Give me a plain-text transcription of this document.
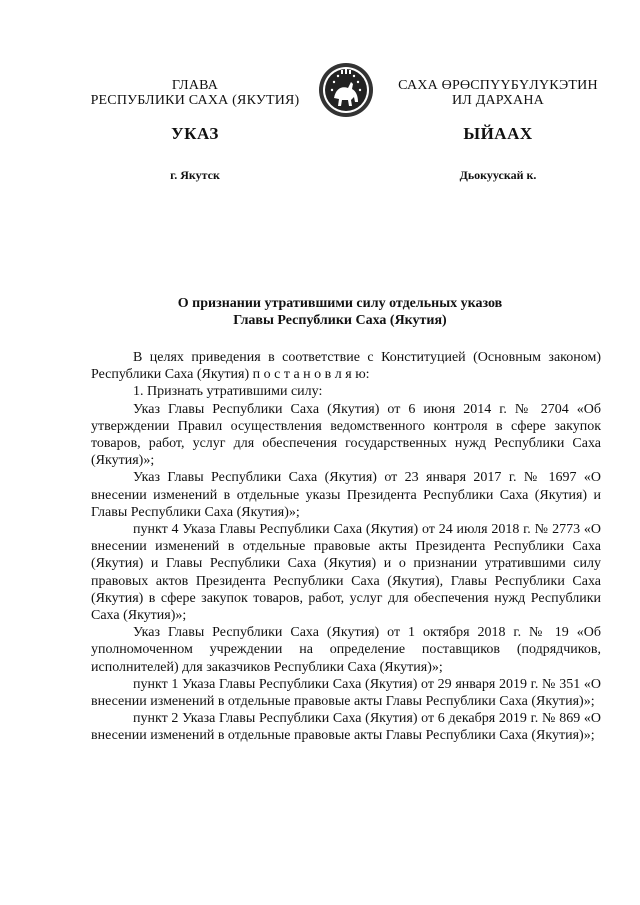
ГЛАВА
РЕСПУБЛИКИ САХА (ЯКУТИЯ)
САХА ӨРӨСПҮҮБҮЛҮКЭТИН
ИЛ ДАРХАНА
УКАЗ	ЫЙААХ
г. Якутск	Дьокуускай к.
О признании утратившими силу отдельных указов
Главы Республики Саха (Якутия)

В целях приведения в соответствие с Конституцией (Основным законом) Республики Саха (Якутия) п о с т а н о в л я ю:

1. Признать утратившими силу:

Указ Главы Республики Саха (Якутия) от 6 июня 2014 г. № 2704 «Об утверждении Правил осуществления ведомственного контроля в сфере закупок товаров, работ, услуг для обеспечения государственных нужд Республики Саха (Якутия)»;

Указ Главы Республики Саха (Якутия) от 23 января 2017 г. № 1697 «О внесении изменений в отдельные указы Президента Республики Саха (Якутия) и Главы Республики Саха (Якутия)»;

пункт 4 Указа Главы Республики Саха (Якутия) от 24 июля 2018 г. № 2773 «О внесении изменений в отдельные правовые акты Президента Республики Саха (Якутия) и Главы Республики Саха (Якутия) и о признании утратившими силу правовых актов Президента Республики Саха (Якутия), Главы Республики Саха (Якутия) в сфере закупок товаров, работ, услуг для обеспечения нужд Республики Саха (Якутия)»;

Указ Главы Республики Саха (Якутия) от 1 октября 2018 г. № 19 «Об уполномоченном учреждении на определение поставщиков (подрядчиков, исполнителей) для заказчиков Республики Саха (Якутия)»;

пункт 1 Указа Главы Республики Саха (Якутия) от 29 января 2019 г. № 351 «О внесении изменений в отдельные правовые акты Главы Республики Саха (Якутия)»;

пункт 2 Указа Главы Республики Саха (Якутия) от 6 декабря 2019 г. № 869 «О внесении изменений в отдельные правовые акты Главы Республики Саха (Якутия)»;
